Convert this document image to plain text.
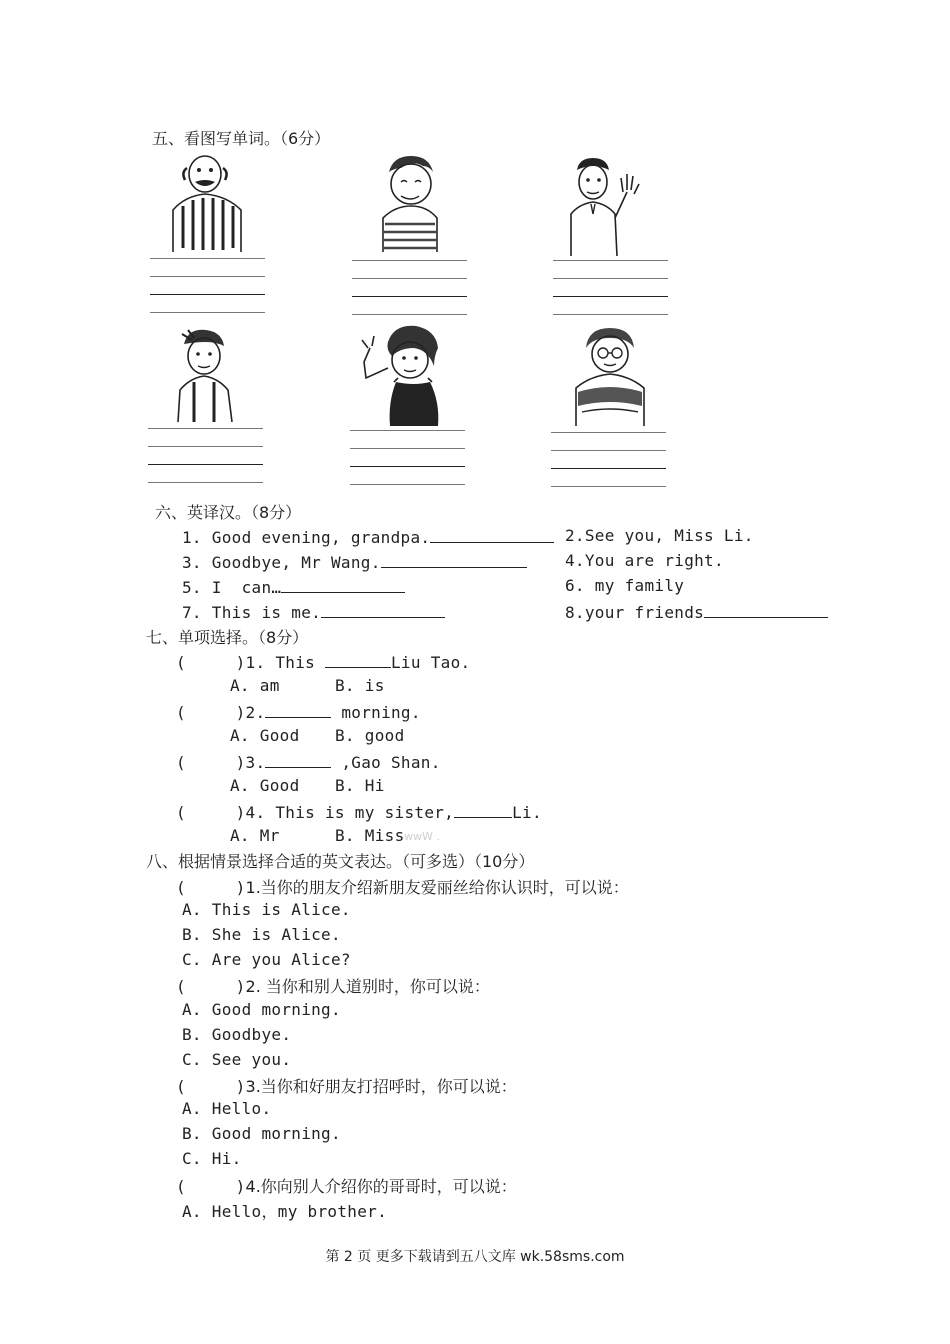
五、看图写单词。（6分）
六、英译汉。（8分）
1. Good evening, grandpa.	2.See you, Miss Li.
3. Goodbye, Mr Wang.	4.You are right.
5. I  can…	6. my family
7. This is me.	8.your friends
七、单项选择。（8分）
(     )1. This	Liu Tao.
A. am	B. is
(     )2.	morning.
A. Good B. good
(     )3.	,Gao Shan.
A. Good B. Hi
(     )4. This is my sister,	Li.
A. Mr	B. Miss wwW .
八、根据情景选择合适的英文表达。（可多选）（10分）
(     )1.当你的朋友介绍新朋友爱丽丝给你认识时，可以说：
A. This is Alice.
B. She is Alice.
C. Are you Alice?
(     )2. 当你和别人道别时，你可以说：
A. Good morning.
B. Goodbye.
C. See you.
(     )3.当你和好朋友打招呼时，你可以说：
A. Hello.
B. Good morning.
C. Hi.
(     )4.你向别人介绍你的哥哥时，可以说：
A. Hello，my brother.
第 2 页 更多下载请到五八文库 wk.58sms.com
